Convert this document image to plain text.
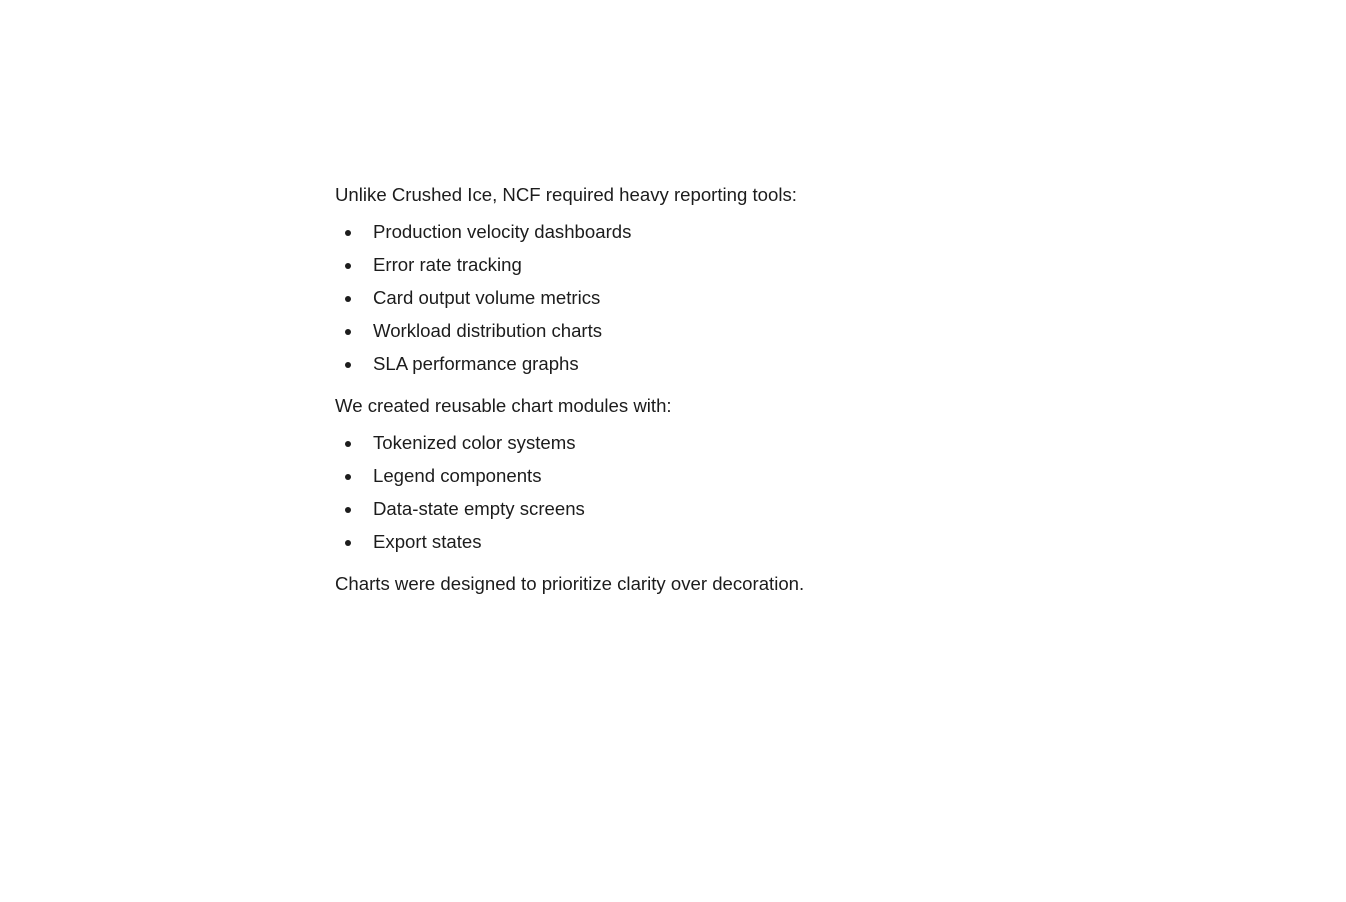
Unlike Crushed Ice, NCF required heavy reporting tools:

Production velocity dashboards
Error rate tracking
Card output volume metrics
Workload distribution charts
SLA performance graphs

We created reusable chart modules with:

Tokenized color systems
Legend components
Data-state empty screens
Export states

Charts were designed to prioritize clarity over decoration.
